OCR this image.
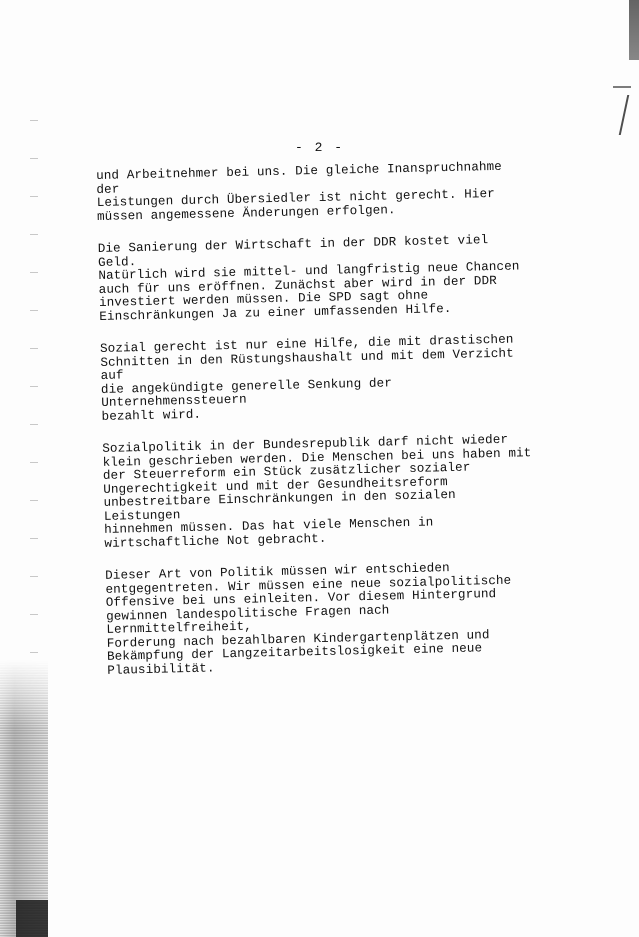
- 2 -

und Arbeitnehmer bei uns. Die gleiche Inanspruchnahme der
Leistungen durch Übersiedler ist nicht gerecht. Hier
müssen angemessene Änderungen erfolgen.

Die Sanierung der Wirtschaft in der DDR kostet viel Geld.
Natürlich wird sie mittel- und langfristig neue Chancen
auch für uns eröffnen. Zunächst aber wird in der DDR
investiert werden müssen. Die SPD sagt ohne
Einschränkungen Ja zu einer umfassenden Hilfe.

Sozial gerecht ist nur eine Hilfe, die mit drastischen
Schnitten in den Rüstungshaushalt und mit dem Verzicht auf
die angekündigte generelle Senkung der Unternehmenssteuern
bezahlt wird.

Sozialpolitik in der Bundesrepublik darf nicht wieder
klein geschrieben werden. Die Menschen bei uns haben mit
der Steuerreform ein Stück zusätzlicher sozialer
Ungerechtigkeit und mit der Gesundheitsreform
unbestreitbare Einschränkungen in den sozialen Leistungen
hinnehmen müssen. Das hat viele Menschen in
wirtschaftliche Not gebracht.

Dieser Art von Politik müssen wir entschieden
entgegentreten. Wir müssen eine neue sozialpolitische
Offensive bei uns einleiten. Vor diesem Hintergrund
gewinnen landespolitische Fragen nach Lernmittelfreiheit,
Forderung nach bezahlbaren Kindergartenplätzen und
Bekämpfung der Langzeitarbeitslosigkeit eine neue
Plausibilität.
